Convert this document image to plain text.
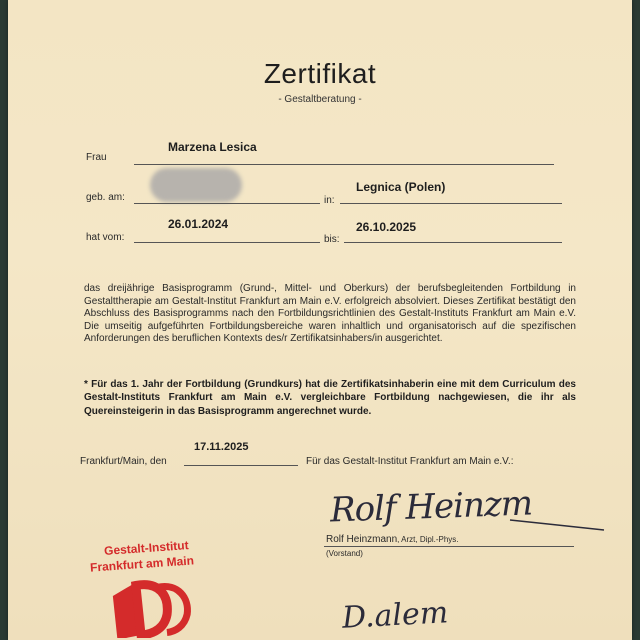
Zertifikat
- Gestaltberatung -
Frau
Marzena Lesica
geb. am:	in:
Legnica (Polen)
hat vom:
26.01.2024
bis:
26.10.2025
das dreijährige Basisprogramm (Grund-, Mittel- und Oberkurs) der berufsbegleitenden Fortbildung in Gestalttherapie am Gestalt-Institut Frankfurt am Main e.V. erfolgreich absolviert. Dieses Zertifikat bestätigt den Abschluss des Basisprogramms nach den Fortbildungsrichtlinien des Gestalt-Instituts Frankfurt am Main e.V. Die umseitig aufgeführten Fortbildungsbereiche waren inhaltlich und organisatorisch auf die spezifischen Anforderungen des beruflichen Kontexts des/r Zertifikatsinhabers/in ausgerichtet.
* Für das 1. Jahr der Fortbildung (Grundkurs) hat die Zertifikatsinhaberin eine mit dem Curriculum des Gestalt-Instituts Frankfurt am Main e.V. vergleichbare Fortbildung nachgewiesen, die ihr als Quereinsteigerin in das Basisprogramm angerechnet wurde.
17.11.2025
Frankfurt/Main, den	Für das Gestalt-Institut Frankfurt am Main e.V.:
Rolf Heinzm
Rolf Heinzmann, Arzt, Dipl.-Phys.
(Vorstand)
Gestalt-Institut
Frankfurt am Main
D.alem
